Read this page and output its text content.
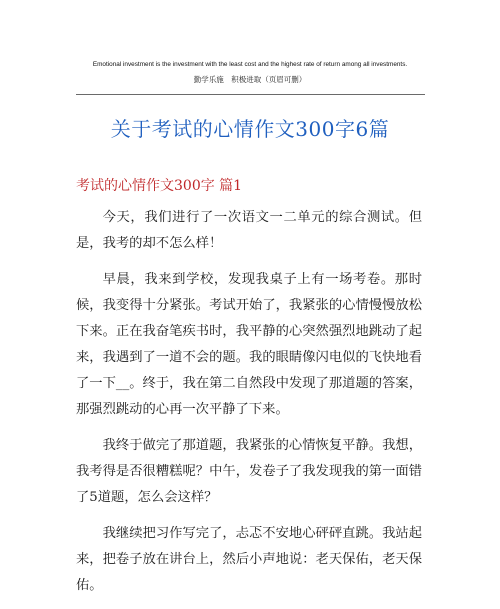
Emotional investment is the investment with the least cost and the highest rate of return among all investments.
勤学乐施　积极进取（页眉可删）
关于考试的心情作文300字6篇
考试的心情作文300字 篇1

今天，我们进行了一次语文一二单元的综合测试。但是，我考的却不怎么样！

早晨，我来到学校，发现我桌子上有一场考卷。那时候，我变得十分紧张。考试开始了，我紧张的心情慢慢放松下来。正在我奋笔疾书时，我平静的心突然强烈地跳动了起来，我遇到了一道不会的题。我的眼睛像闪电似的飞快地看了一下__。终于，我在第二自然段中发现了那道题的答案，那强烈跳动的心再一次平静了下来。

我终于做完了那道题，我紧张的心情恢复平静。我想，我考得是否很糟糕呢？中午，发卷子了我发现我的第一面错了5道题，怎么会这样？

我继续把习作写完了，忐忑不安地心砰砰直跳。我站起来，把卷子放在讲台上，然后小声地说：老天保佑，老天保佑。
